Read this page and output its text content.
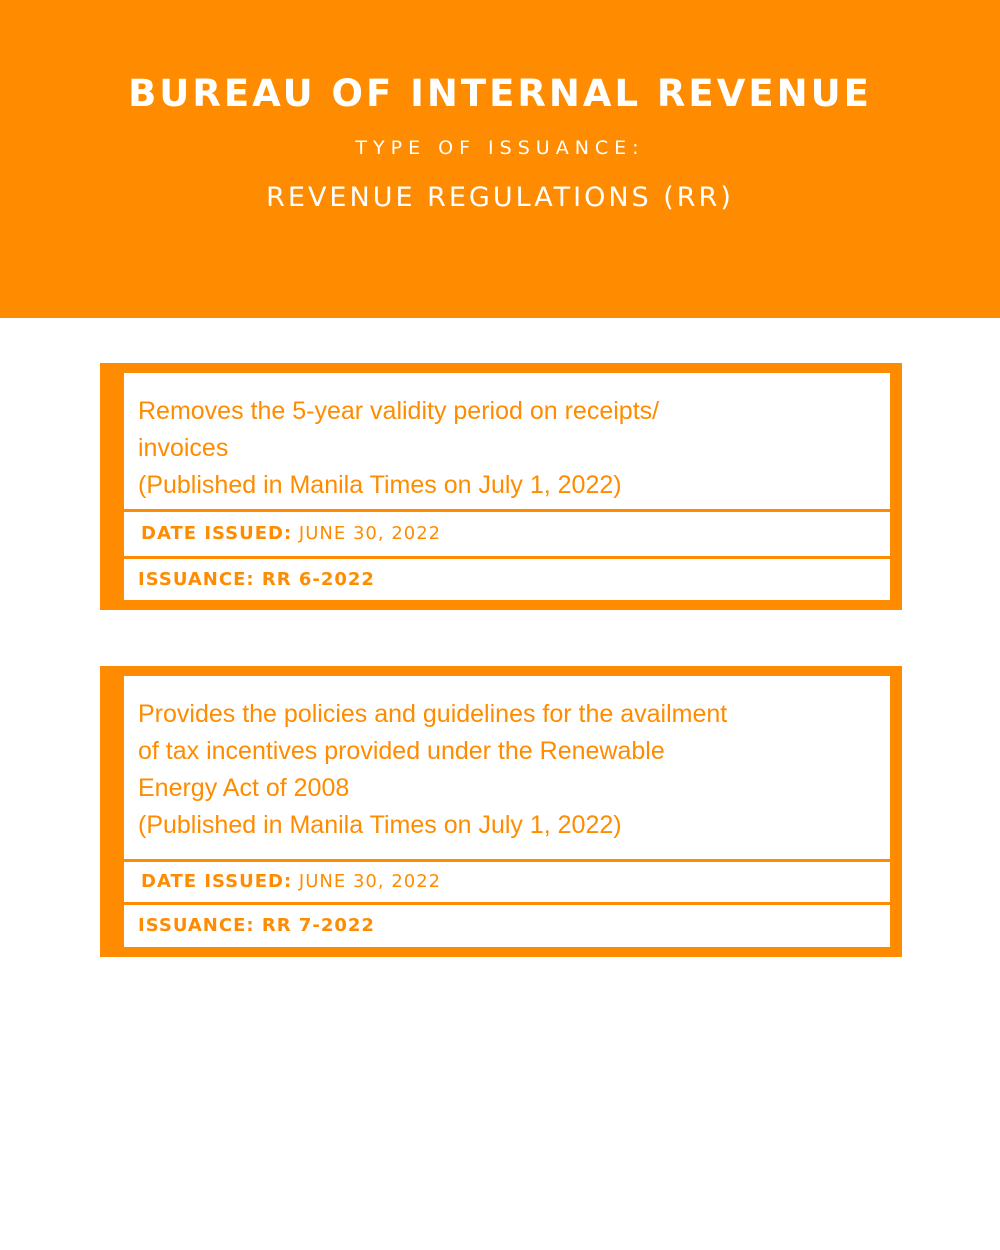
BUREAU OF INTERNAL REVENUE
TYPE OF ISSUANCE:
REVENUE REGULATIONS (RR)
Removes the 5-year validity period on receipts/
invoices
(Published in Manila Times on July 1, 2022)
DATE ISSUED: JUNE 30, 2022
ISSUANCE: RR 6-2022
Provides the policies and guidelines for the availment
of tax incentives provided under the Renewable
Energy Act of 2008
(Published in Manila Times on July 1, 2022)
DATE ISSUED: JUNE 30, 2022
ISSUANCE: RR 7-2022
